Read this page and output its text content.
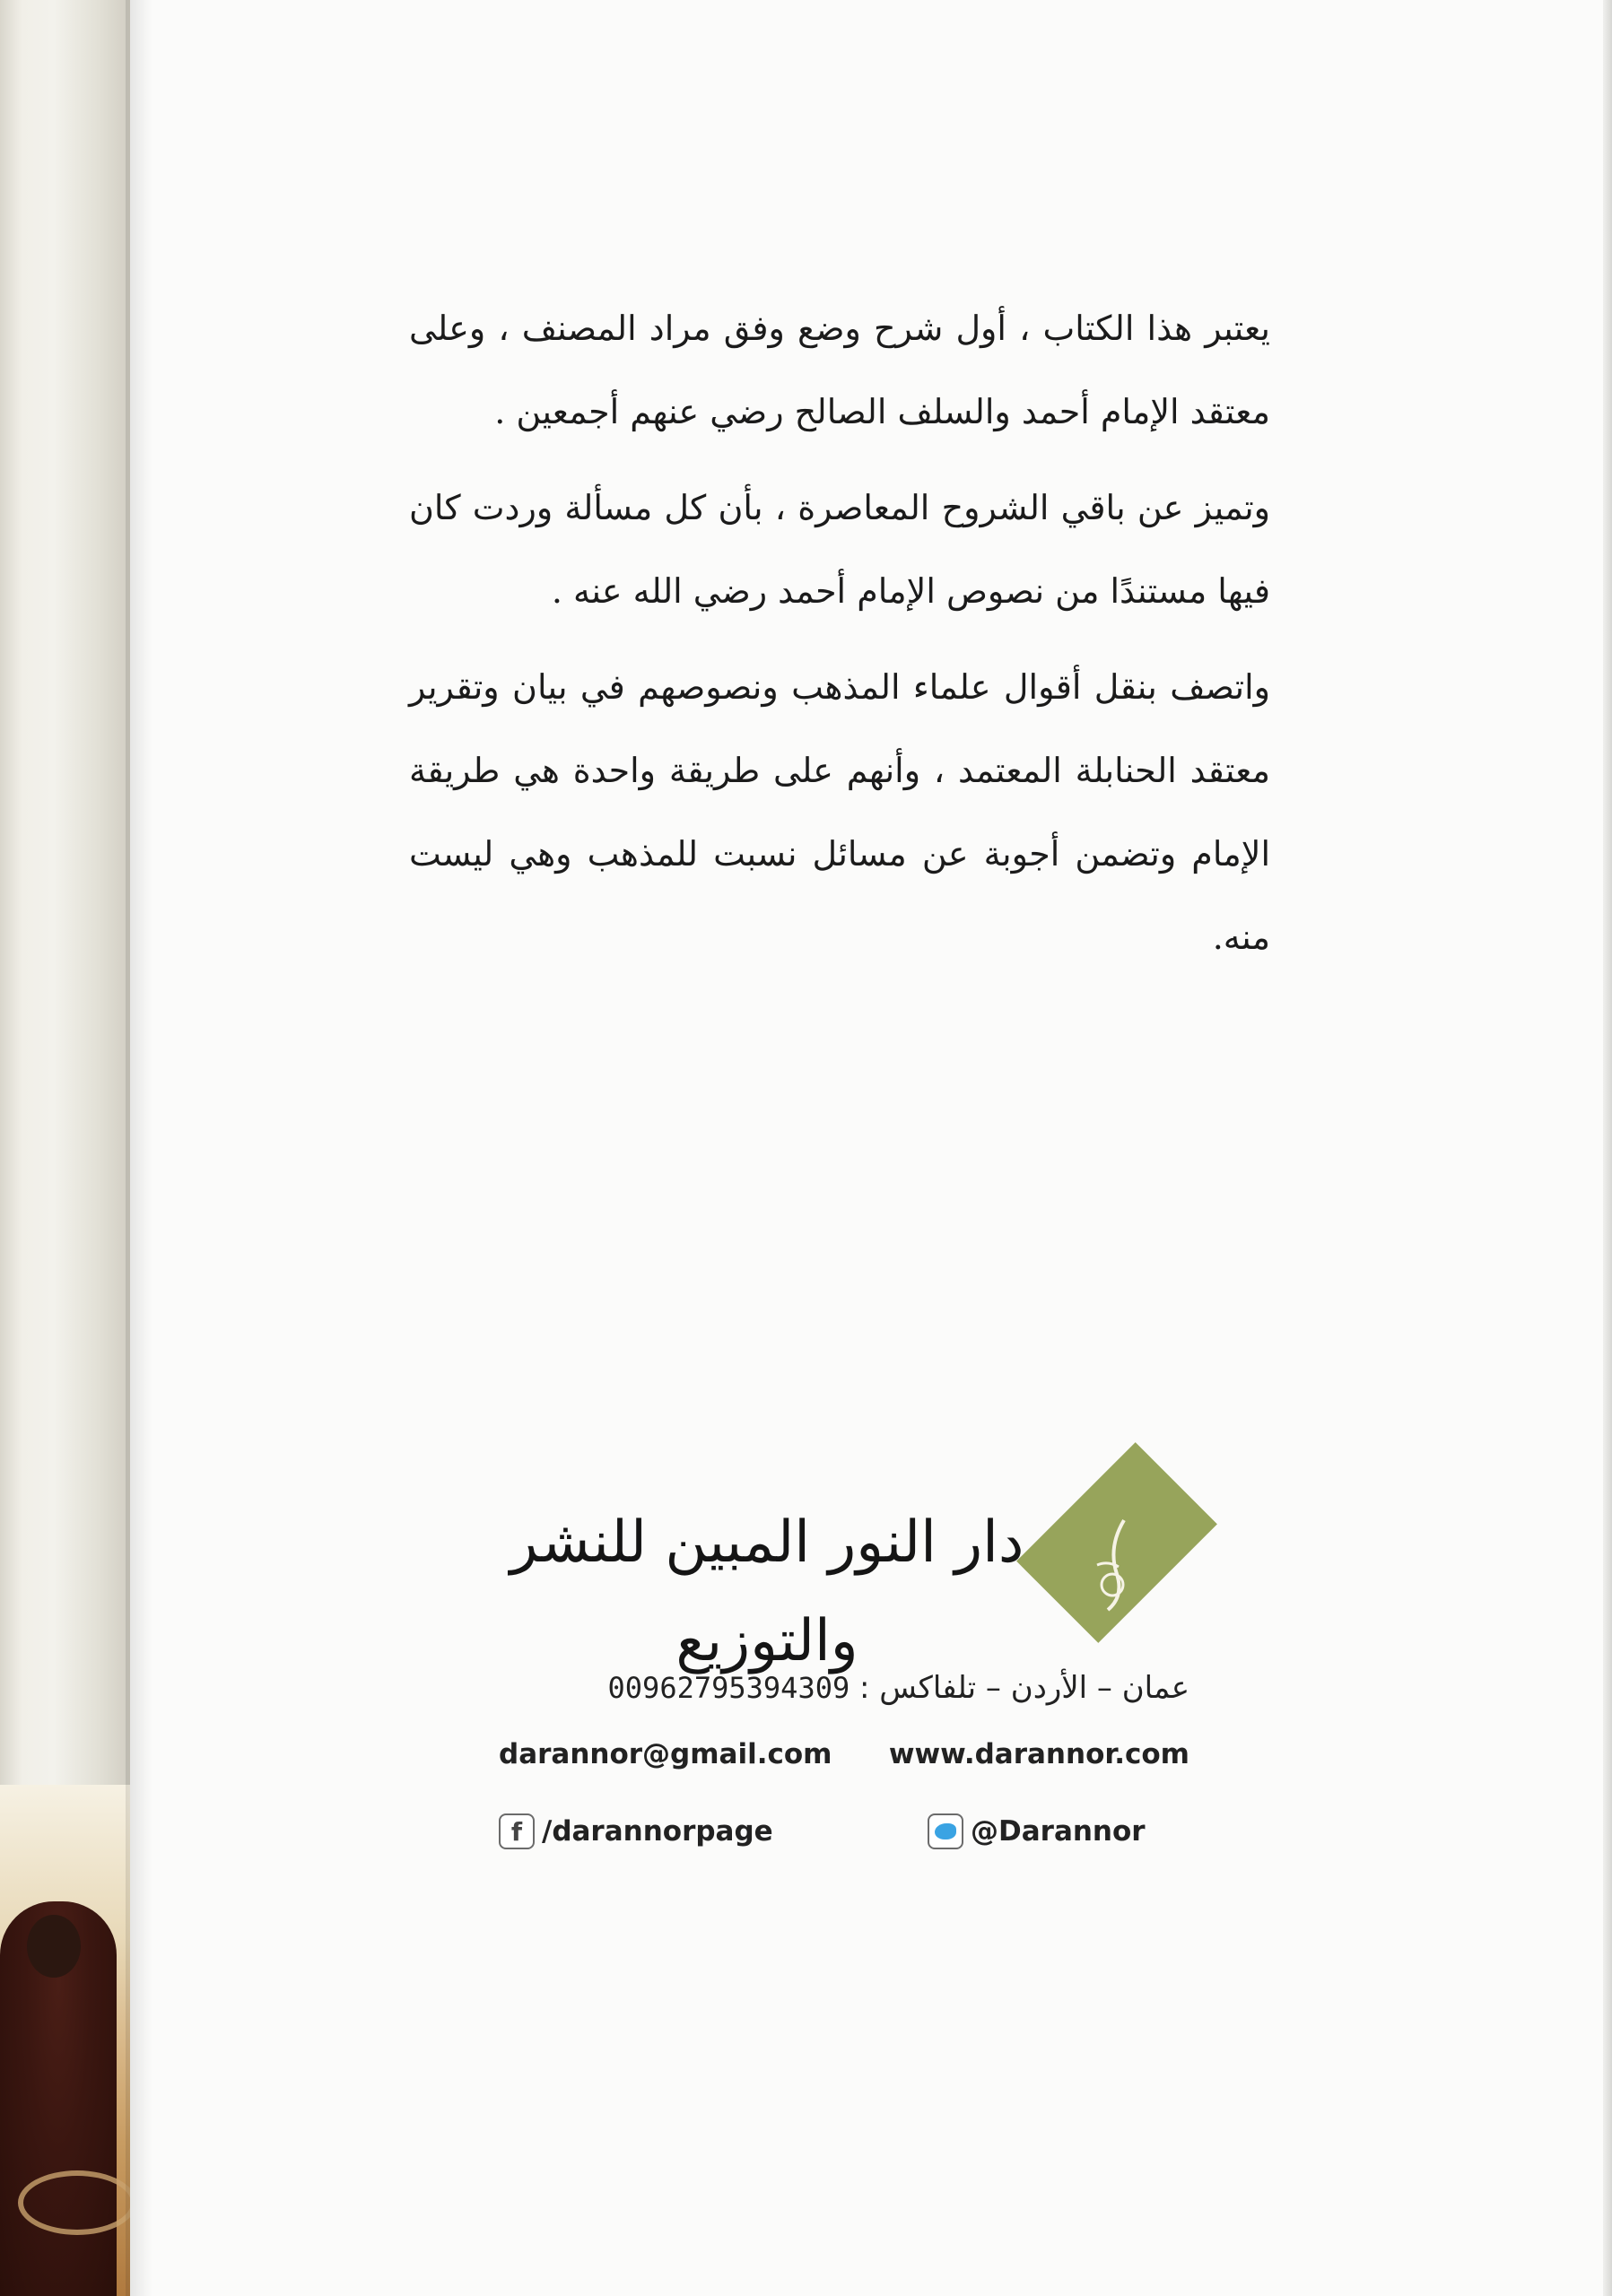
يعتبر هذا الكتاب ، أول شرح وضع وفق مراد المصنف ، وعلى معتقد الإمام أحمد والسلف الصالح رضي عنهم أجمعين .

وتميز عن باقي الشروح المعاصرة ، بأن كل مسألة وردت كان فيها مستندًا من نصوص الإمام أحمد رضي الله عنه .

واتصف بنقل أقوال علماء المذهب ونصوصهم في بيان وتقرير معتقد الحنابلة المعتمد ، وأنهم على طريقة واحدة هي طريقة الإمام وتضمن أجوبة عن مسائل نسبت للمذهب وهي ليست منه.

دار النور المبين للنشر والتوزيع
عمان – الأردن – تلفاكس : 00962795394309
darannor@gmail.com www.darannor.com
f /darannorpage	@Darannor
